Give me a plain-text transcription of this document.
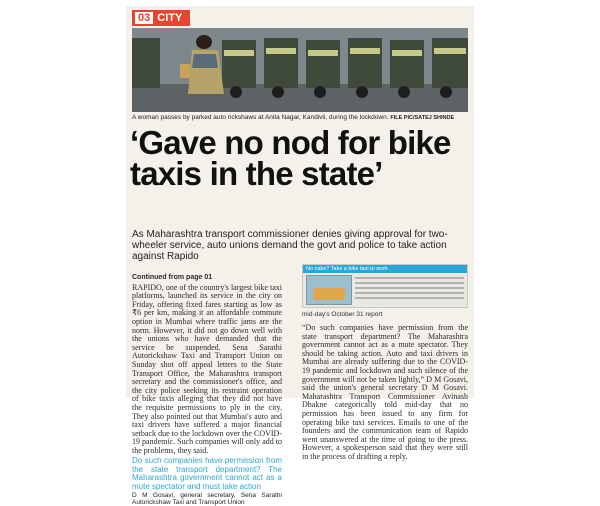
03 CITY
A woman passes by parked auto rickshaws at Anita Nagar, Kandivli, during the lockdown. FILE PIC/SATEJ SHINDE
‘Gave no nod for bike taxis in the state’
As Maharashtra transport commissioner denies giving approval for two-wheeler service, auto unions demand the govt and police to take action against Rapido
Continued from page 01

RAPIDO, one of the country's largest bike taxi platforms, launched its service in the city on Friday, offering fixed fares starting as low as ₹6 per km, making it an affordable commute option in Mumbai where traffic jams are the norm. However, it did not go down well with the unions who have demanded that the service be suspended. Sena Sarathi Autorickshaw Taxi and Transport Union on Sunday shot off appeal letters to the State Transport Office, the Maharashtra transport secretary and the commissioner's office, and the city police seeking its restraint operation of bike taxis alleging that they did not have the requisite permissions to ply in the city. They also pointed out that Mumbai's auto and taxi drivers have suffered a major financial setback due to the lockdown over the COVID-19 pandemic. Such companies will only add to the problems, they said.

Do such companies have permission from the state transport department? The Maharashtra government cannot act as a mute spectator and must take action

D M Gosavi, general secretary, Sena Sarathi Autorickshaw Taxi and Transport Union

No cabs? Take a bike taxi to work
mid-day's October 31 report

“Do such companies have permission from the state transport department? The Maharashtra government cannot act as a mute spectator. They should be taking action. Auto and taxi drivers in Mumbai are already suffering due to the COVID-19 pandemic and lockdown and such silence of the government will not be taken lightly,” D M Gosavi, said the union's general secretary D M Gosavi. Maharashtra Transport Commissioner Avinash Dhakne categorically told mid-day that no permission has been issued to any firm for operating bike taxi services. Emails to one of the founders and the communication team of Rapido went unanswered at the time of going to the press. However, a spokesperson said that they were still in the process of drafting a reply.
